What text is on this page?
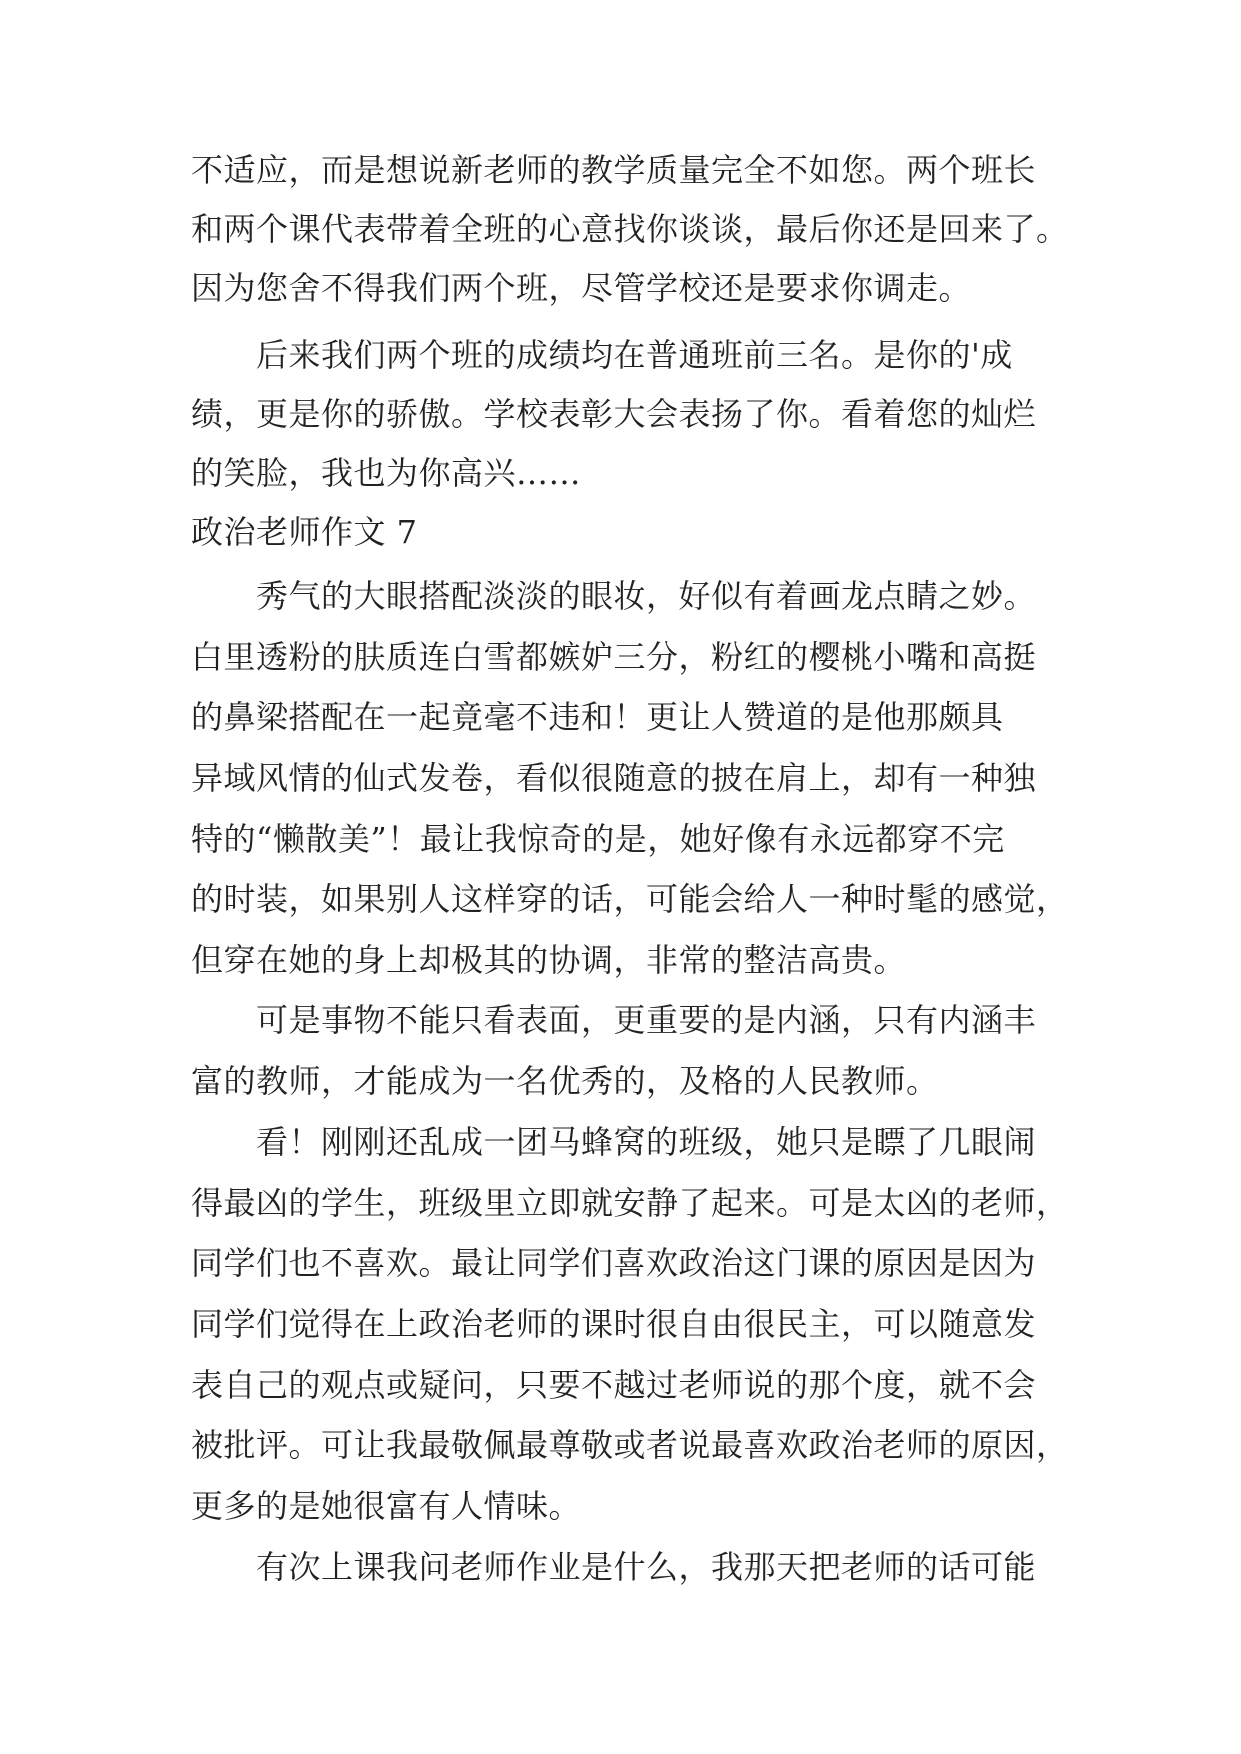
不适应，而是想说新老师的教学质量完全不如您。两个班长
和两个课代表带着全班的心意找你谈谈，最后你还是回来了。
因为您舍不得我们两个班，尽管学校还是要求你调走。
后来我们两个班的成绩均在普通班前三名。是你的'成
绩，更是你的骄傲。学校表彰大会表扬了你。看着您的灿烂
的笑脸，我也为你高兴……
政治老师作文 7
秀气的大眼搭配淡淡的眼妆，好似有着画龙点睛之妙。
白里透粉的肤质连白雪都嫉妒三分，粉红的樱桃小嘴和高挺
的鼻梁搭配在一起竟毫不违和！更让人赞道的是他那颇具
异域风情的仙式发卷，看似很随意的披在肩上，却有一种独
特的“懒散美”！最让我惊奇的是，她好像有永远都穿不完
的时装，如果别人这样穿的话，可能会给人一种时髦的感觉，
但穿在她的身上却极其的协调，非常的整洁高贵。
可是事物不能只看表面，更重要的是内涵，只有内涵丰
富的教师，才能成为一名优秀的，及格的人民教师。
看！刚刚还乱成一团马蜂窝的班级，她只是瞟了几眼闹
得最凶的学生，班级里立即就安静了起来。可是太凶的老师，
同学们也不喜欢。最让同学们喜欢政治这门课的原因是因为
同学们觉得在上政治老师的课时很自由很民主，可以随意发
表自己的观点或疑问，只要不越过老师说的那个度，就不会
被批评。可让我最敬佩最尊敬或者说最喜欢政治老师的原因，
更多的是她很富有人情味。
有次上课我问老师作业是什么，我那天把老师的话可能
